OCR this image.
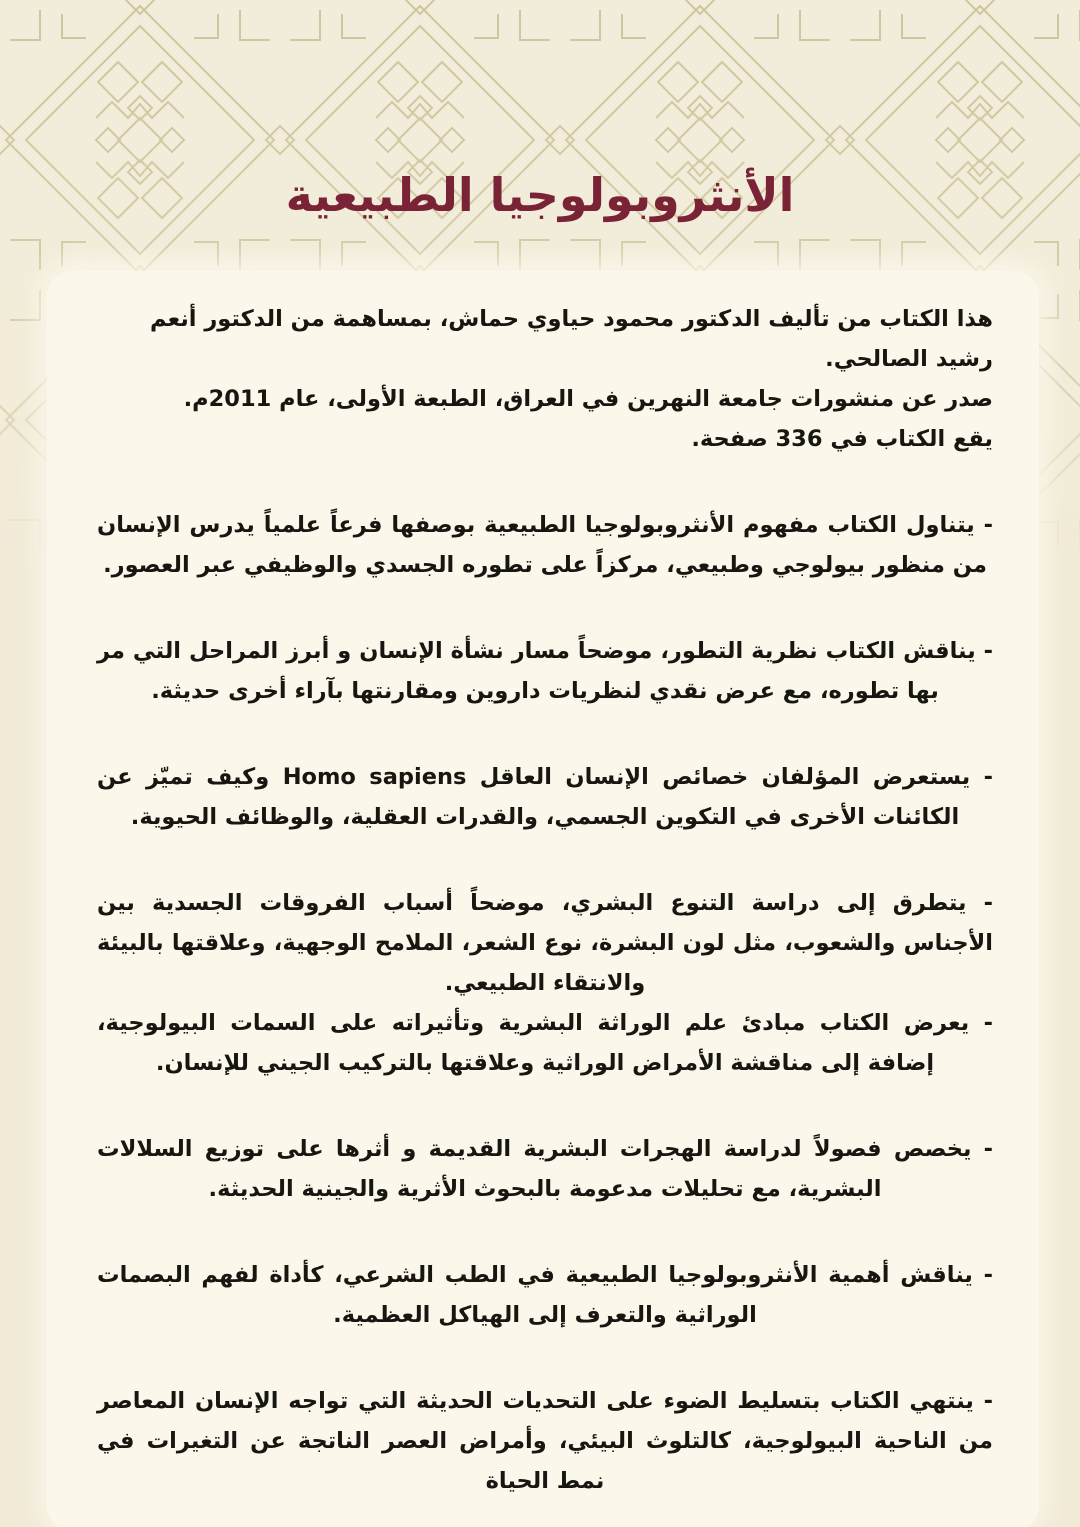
الأنثروبولوجيا الطبيعية

هذا الكتاب من تأليف الدكتور محمود حياوي حماش، بمساهمة من الدكتور أنعم رشيد الصالحي.
صدر عن منشورات جامعة النهرين في العراق، الطبعة الأولى، عام 2011م.
يقع الكتاب في 336 صفحة.

- يتناول الكتاب مفهوم الأنثروبولوجيا الطبيعية بوصفها فرعاً علمياً يدرس الإنسان من منظور بيولوجي وطبيعي، مركزاً على تطوره الجسدي والوظيفي عبر العصور.

- يناقش الكتاب نظرية التطور، موضحاً مسار نشأة الإنسان و أبرز المراحل التي مر بها تطوره، مع عرض نقدي لنظريات داروين ومقارنتها بآراء أخرى حديثة.

- يستعرض المؤلفان خصائص الإنسان العاقل Homo sapiens وكيف تميّز عن الكائنات الأخرى في التكوين الجسمي، والقدرات العقلية، والوظائف الحيوية.

- يتطرق إلى دراسة التنوع البشري، موضحاً أسباب الفروقات الجسدية بين الأجناس والشعوب، مثل لون البشرة، نوع الشعر، الملامح الوجهية، وعلاقتها بالبيئة والانتقاء الطبيعي.

- يعرض الكتاب مبادئ علم الوراثة البشرية وتأثيراته على السمات البيولوجية، إضافة إلى مناقشة الأمراض الوراثية وعلاقتها بالتركيب الجيني للإنسان.

- يخصص فصولاً لدراسة الهجرات البشرية القديمة و أثرها على توزيع السلالات البشرية، مع تحليلات مدعومة بالبحوث الأثرية والجينية الحديثة.

- يناقش أهمية الأنثروبولوجيا الطبيعية في الطب الشرعي، كأداة لفهم البصمات الوراثية والتعرف إلى الهياكل العظمية.

- ينتهي الكتاب بتسليط الضوء على التحديات الحديثة التي تواجه الإنسان المعاصر من الناحية البيولوجية، كالتلوث البيئي، وأمراض العصر الناتجة عن التغيرات في نمط الحياة
